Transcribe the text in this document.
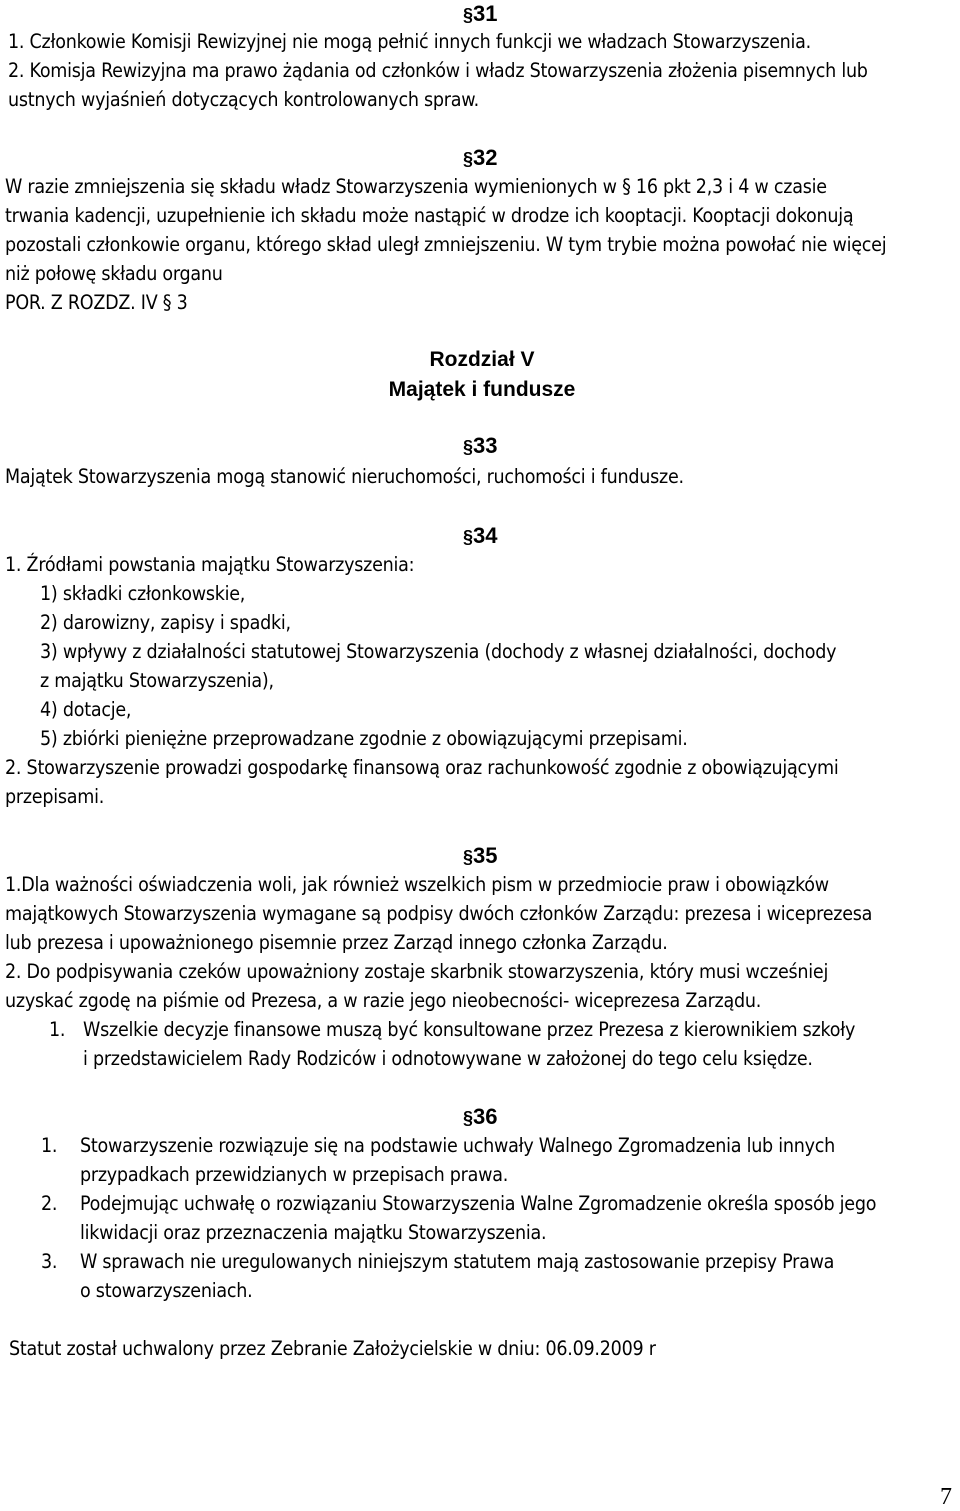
§31
1. Członkowie Komisji Rewizyjnej nie mogą pełnić innych funkcji we władzach Stowarzyszenia.
2. Komisja Rewizyjna ma prawo żądania od członków i władz Stowarzyszenia złożenia pisemnych lub
ustnych wyjaśnień dotyczących kontrolowanych spraw.
§32
W razie zmniejszenia się składu władz Stowarzyszenia wymienionych w § 16 pkt 2,3 i 4 w czasie
trwania kadencji, uzupełnienie ich składu może nastąpić w drodze ich kooptacji. Kooptacji dokonują
pozostali członkowie organu, którego skład uległ zmniejszeniu. W tym trybie można powołać nie więcej
niż połowę składu organu
POR. Z ROZDZ. IV § 3
Rozdział V
Majątek i fundusze
§33
Majątek Stowarzyszenia mogą stanowić nieruchomości, ruchomości i fundusze.
§34
1. Źródłami powstania majątku Stowarzyszenia:
1) składki członkowskie,
2) darowizny, zapisy i spadki,
3) wpływy z działalności statutowej Stowarzyszenia (dochody z własnej działalności, dochody
z majątku Stowarzyszenia),
4) dotacje,
5) zbiórki pieniężne przeprowadzane zgodnie z obowiązującymi przepisami.
2. Stowarzyszenie prowadzi gospodarkę finansową oraz rachunkowość zgodnie z obowiązującymi
przepisami.
§35
1.Dla ważności oświadczenia woli, jak również wszelkich pism w przedmiocie praw i obowiązków
majątkowych Stowarzyszenia wymagane są podpisy dwóch członków Zarządu: prezesa i wiceprezesa
lub prezesa i upoważnionego pisemnie przez Zarząd innego członka Zarządu.
2. Do podpisywania czeków upoważniony zostaje skarbnik stowarzyszenia, który musi wcześniej
uzyskać zgodę na piśmie od Prezesa, a w razie jego nieobecności- wiceprezesa Zarządu.
1. Wszelkie decyzje finansowe muszą być konsultowane przez Prezesa z kierownikiem szkoły
i przedstawicielem Rady Rodziców i odnotowywane w założonej do tego celu księdze.
§36
1. Stowarzyszenie rozwiązuje się na podstawie uchwały Walnego Zgromadzenia lub innych
przypadkach przewidzianych w przepisach prawa.
2. Podejmując uchwałę o rozwiązaniu Stowarzyszenia Walne Zgromadzenie określa sposób jego
likwidacji oraz przeznaczenia majątku Stowarzyszenia.
3. W sprawach nie uregulowanych niniejszym statutem mają zastosowanie przepisy Prawa
o stowarzyszeniach.
Statut został uchwalony przez Zebranie Założycielskie w dniu: 06.09.2009 r
7
